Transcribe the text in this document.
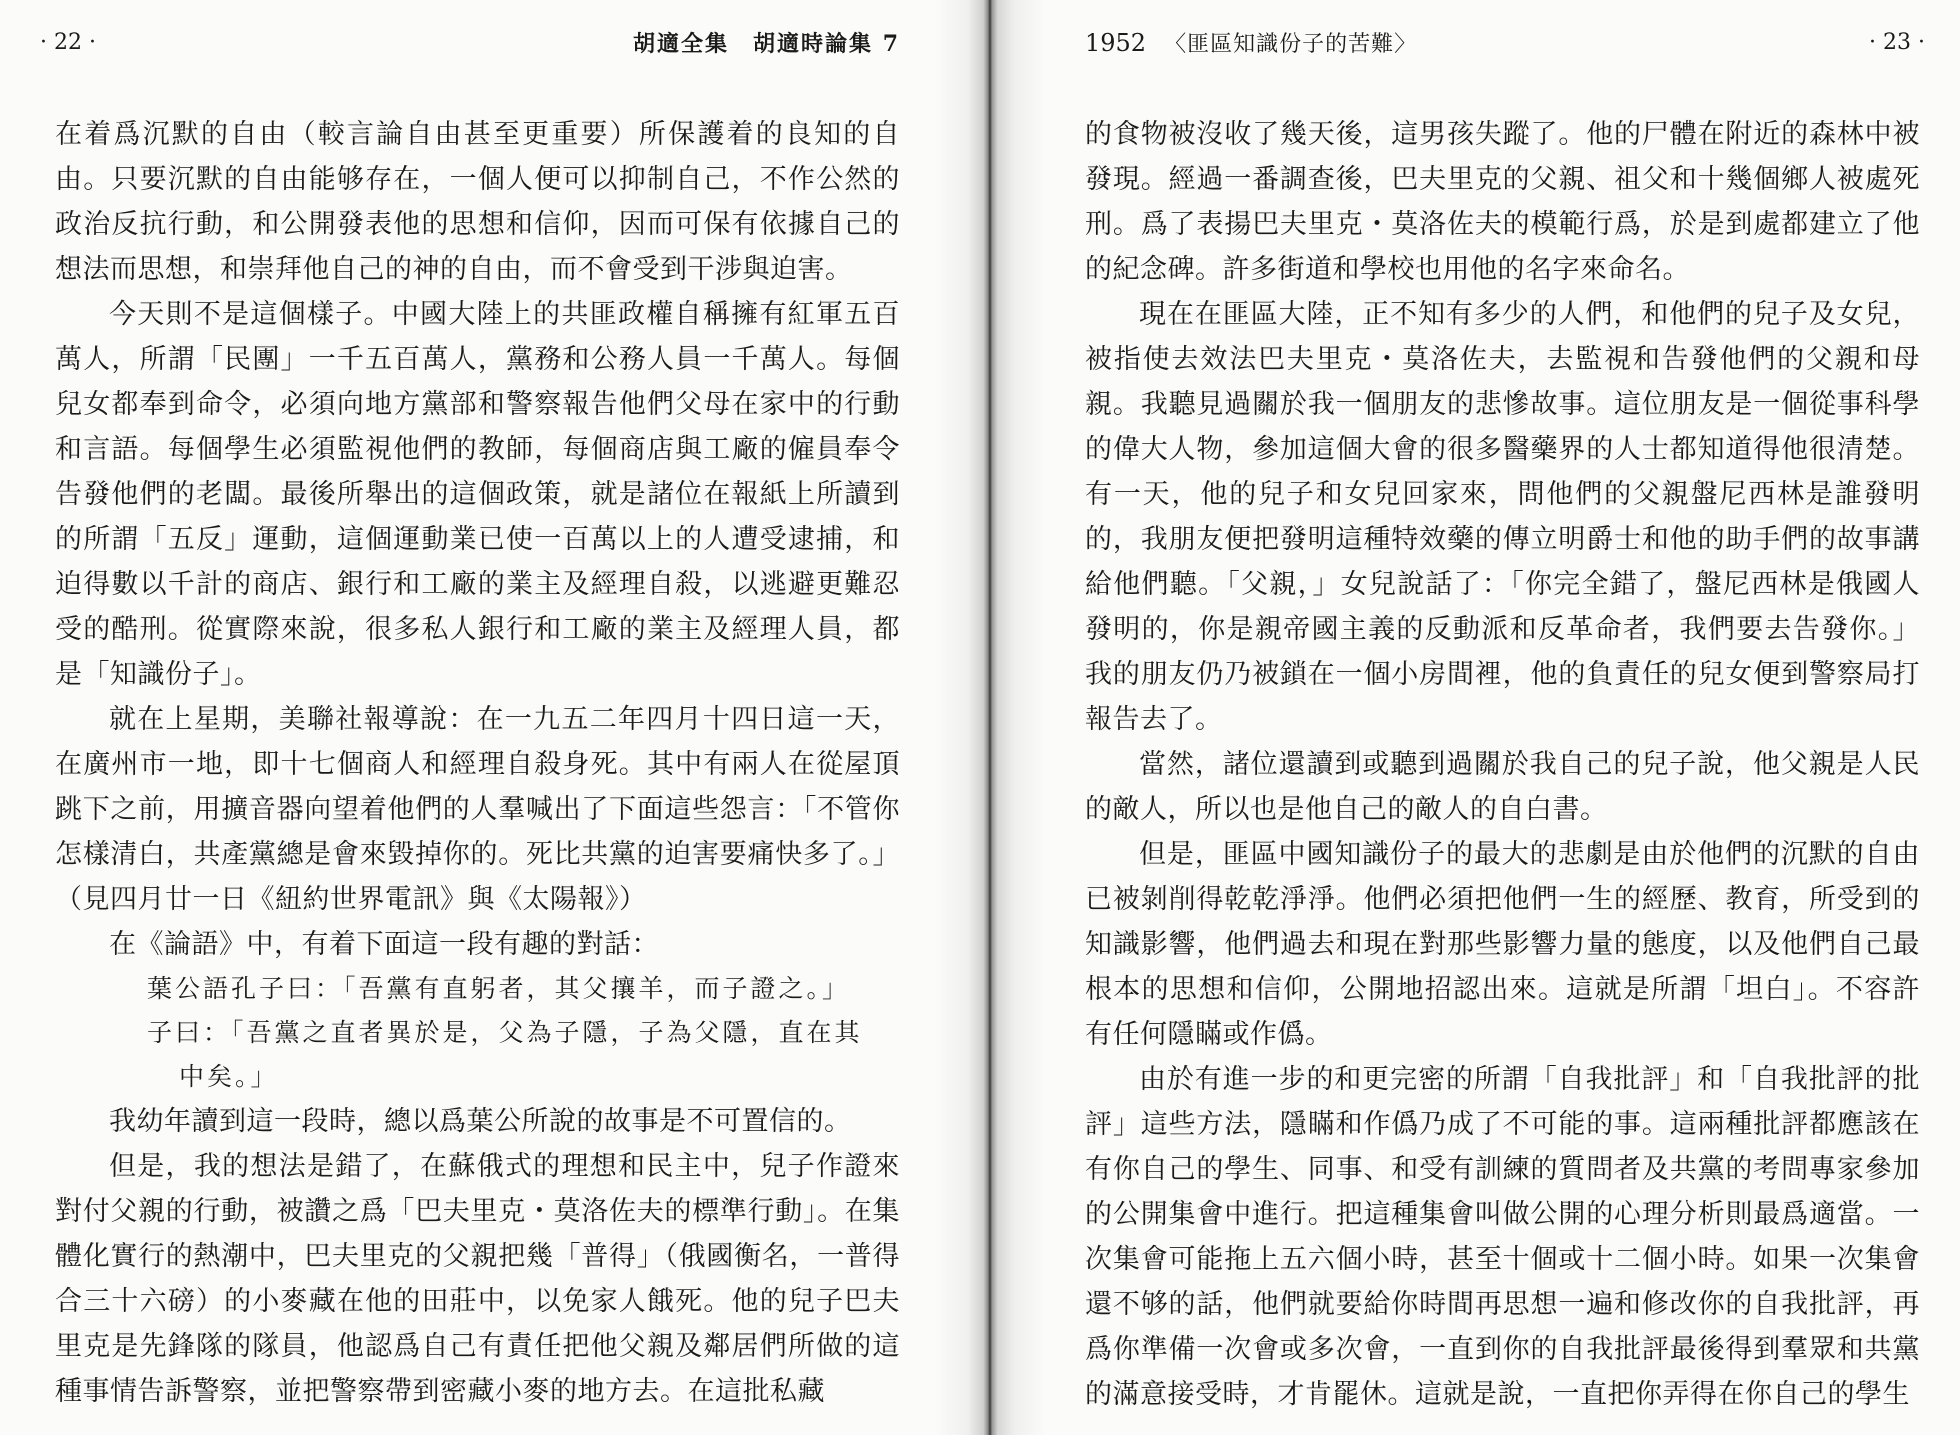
· 22 ·	胡適全集　胡適時論集 7

在着爲沉默的自由（較言論自由甚至更重要）所保護着的良知的自由。只要沉默的自由能够存在，一個人便可以抑制自己，不作公然的政治反抗行動，和公開發表他的思想和信仰，因而可保有依據自己的想法而思想，和崇拜他自己的神的自由，而不會受到干涉與迫害。

今天則不是這個樣子。中國大陸上的共匪政權自稱擁有紅軍五百萬人，所謂「民團」一千五百萬人，黨務和公務人員一千萬人。每個兒女都奉到命令，必須向地方黨部和警察報告他們父母在家中的行動和言語。每個學生必須監視他們的教師，每個商店與工廠的僱員奉令告發他們的老闆。最後所舉出的這個政策，就是諸位在報紙上所讀到的所謂「五反」運動，這個運動業已使一百萬以上的人遭受逮捕，和迫得數以千計的商店、銀行和工廠的業主及經理自殺，以逃避更難忍受的酷刑。從實際來說，很多私人銀行和工廠的業主及經理人員，都是「知識份子」。

就在上星期，美聯社報導說：在一九五二年四月十四日這一天，在廣州市一地，即十七個商人和經理自殺身死。其中有兩人在從屋頂跳下之前，用擴音器向望着他們的人羣喊出了下面這些怨言：「不管你怎樣清白，共產黨總是會來毀掉你的。死比共黨的迫害要痛快多了。」（見四月廿一日《紐約世界電訊》與《太陽報》）

在《論語》中，有着下面這一段有趣的對話：

葉公語孔子曰：「吾黨有直躬者，其父攘羊，而子證之。」

子曰：「吾黨之直者異於是，父為子隱，子為父隱，直在其

中矣。」

我幼年讀到這一段時，總以爲葉公所說的故事是不可置信的。

但是，我的想法是錯了，在蘇俄式的理想和民主中，兒子作證來對付父親的行動，被讚之爲「巴夫里克・莫洛佐夫的標準行動」。在集體化實行的熱潮中，巴夫里克的父親把幾「普得」（俄國衡名，一普得合三十六磅）的小麥藏在他的田莊中，以免家人餓死。他的兒子巴夫里克是先鋒隊的隊員，他認爲自己有責任把他父親及鄰居們所做的這種事情告訴警察，並把警察帶到密藏小麥的地方去。在這批私藏

1952 〈匪區知識份子的苦難〉	· 23 ·

的食物被沒收了幾天後，這男孩失蹤了。他的尸體在附近的森林中被發現。經過一番調查後，巴夫里克的父親、祖父和十幾個鄉人被處死刑。爲了表揚巴夫里克・莫洛佐夫的模範行爲，於是到處都建立了他的紀念碑。許多街道和學校也用他的名字來命名。

現在在匪區大陸，正不知有多少的人們，和他們的兒子及女兒，被指使去效法巴夫里克・莫洛佐夫，去監視和告發他們的父親和母親。我聽見過關於我一個朋友的悲慘故事。這位朋友是一個從事科學的偉大人物，參加這個大會的很多醫藥界的人士都知道得他很清楚。有一天，他的兒子和女兒回家來，問他們的父親盤尼西林是誰發明的，我朋友便把發明這種特效藥的傳立明爵士和他的助手們的故事講給他們聽。「父親，」女兒說話了：「你完全錯了，盤尼西林是俄國人發明的，你是親帝國主義的反動派和反革命者，我們要去告發你。」我的朋友仍乃被鎖在一個小房間裡，他的負責任的兒女便到警察局打報告去了。

當然，諸位還讀到或聽到過關於我自己的兒子說，他父親是人民的敵人，所以也是他自己的敵人的自白書。

但是，匪區中國知識份子的最大的悲劇是由於他們的沉默的自由已被剝削得乾乾淨淨。他們必須把他們一生的經歷、教育，所受到的知識影響，他們過去和現在對那些影響力量的態度，以及他們自己最根本的思想和信仰，公開地招認出來。這就是所謂「坦白」。不容許有任何隱瞞或作僞。

由於有進一步的和更完密的所謂「自我批評」和「自我批評的批評」這些方法，隱瞞和作僞乃成了不可能的事。這兩種批評都應該在有你自己的學生、同事、和受有訓練的質問者及共黨的考問專家參加的公開集會中進行。把這種集會叫做公開的心理分析則最爲適當。一次集會可能拖上五六個小時，甚至十個或十二個小時。如果一次集會還不够的話，他們就要給你時間再思想一遍和修改你的自我批評，再爲你準備一次會或多次會，一直到你的自我批評最後得到羣眾和共黨的滿意接受時，才肯罷休。這就是說，一直把你弄得在你自己的學生
